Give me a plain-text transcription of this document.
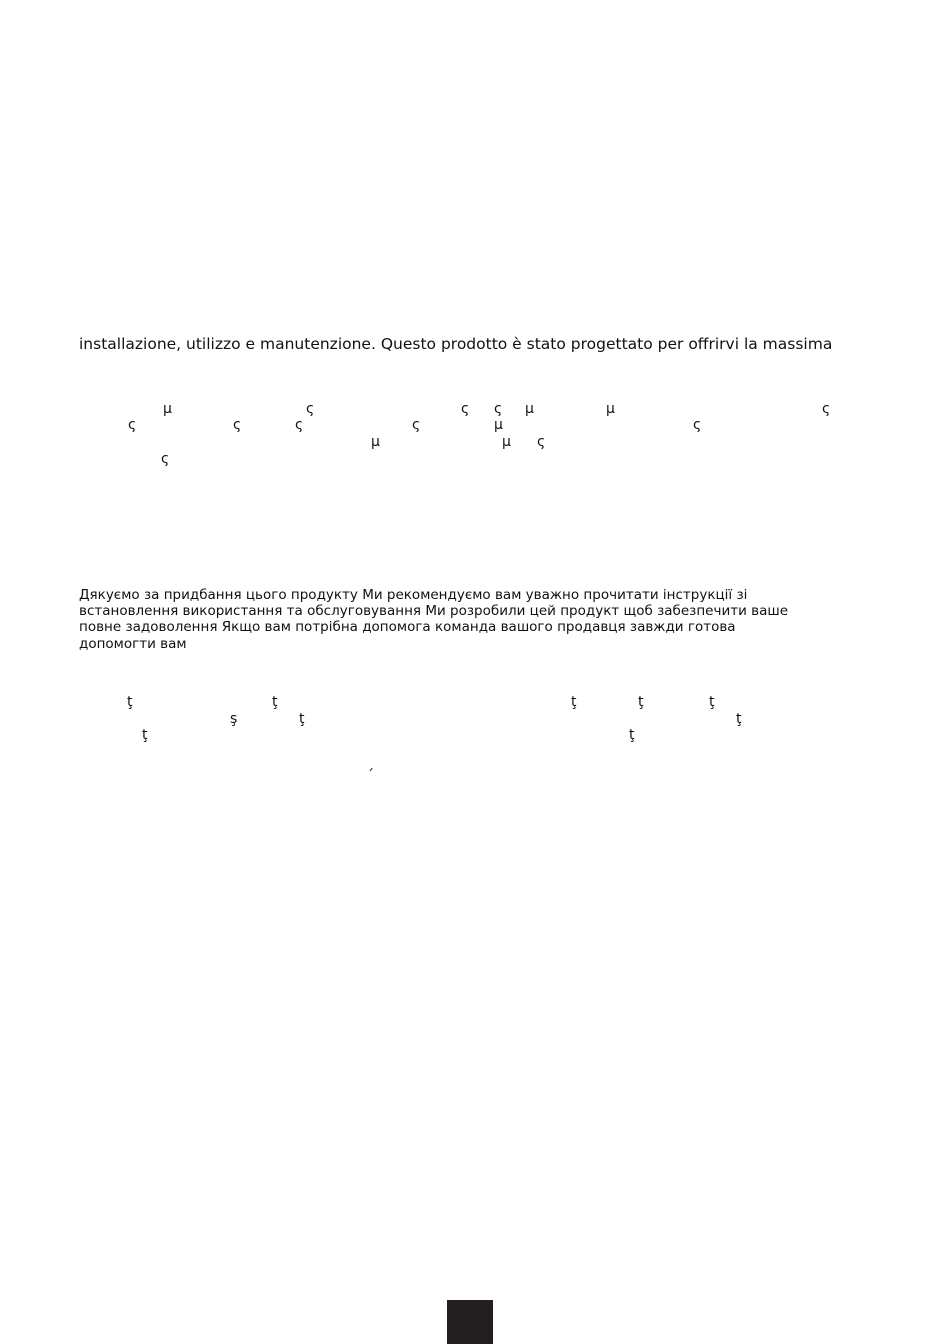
installazione, utilizzo e manutenzione. Questo prodotto è stato progettato per offrirvi la massima
μ	ς	ς ς μ	μ	ς
ς	ς	ς	ς	μ	ς
μ	μ ς
ς
Дякуємо за придбання цього продукту Ми рекомендуємо вам уважно прочитати інструкції зі
встановлення використання та обслуговування Ми розробили цей продукт щоб забезпечити ваше
повне задоволення Якщо вам потрібна допомога команда вашого продавця завжди готова
допомогти вам
ţ	ţ	ţ	ţ	ţ
ş	ţ	ţ
ţ	ţ
´
